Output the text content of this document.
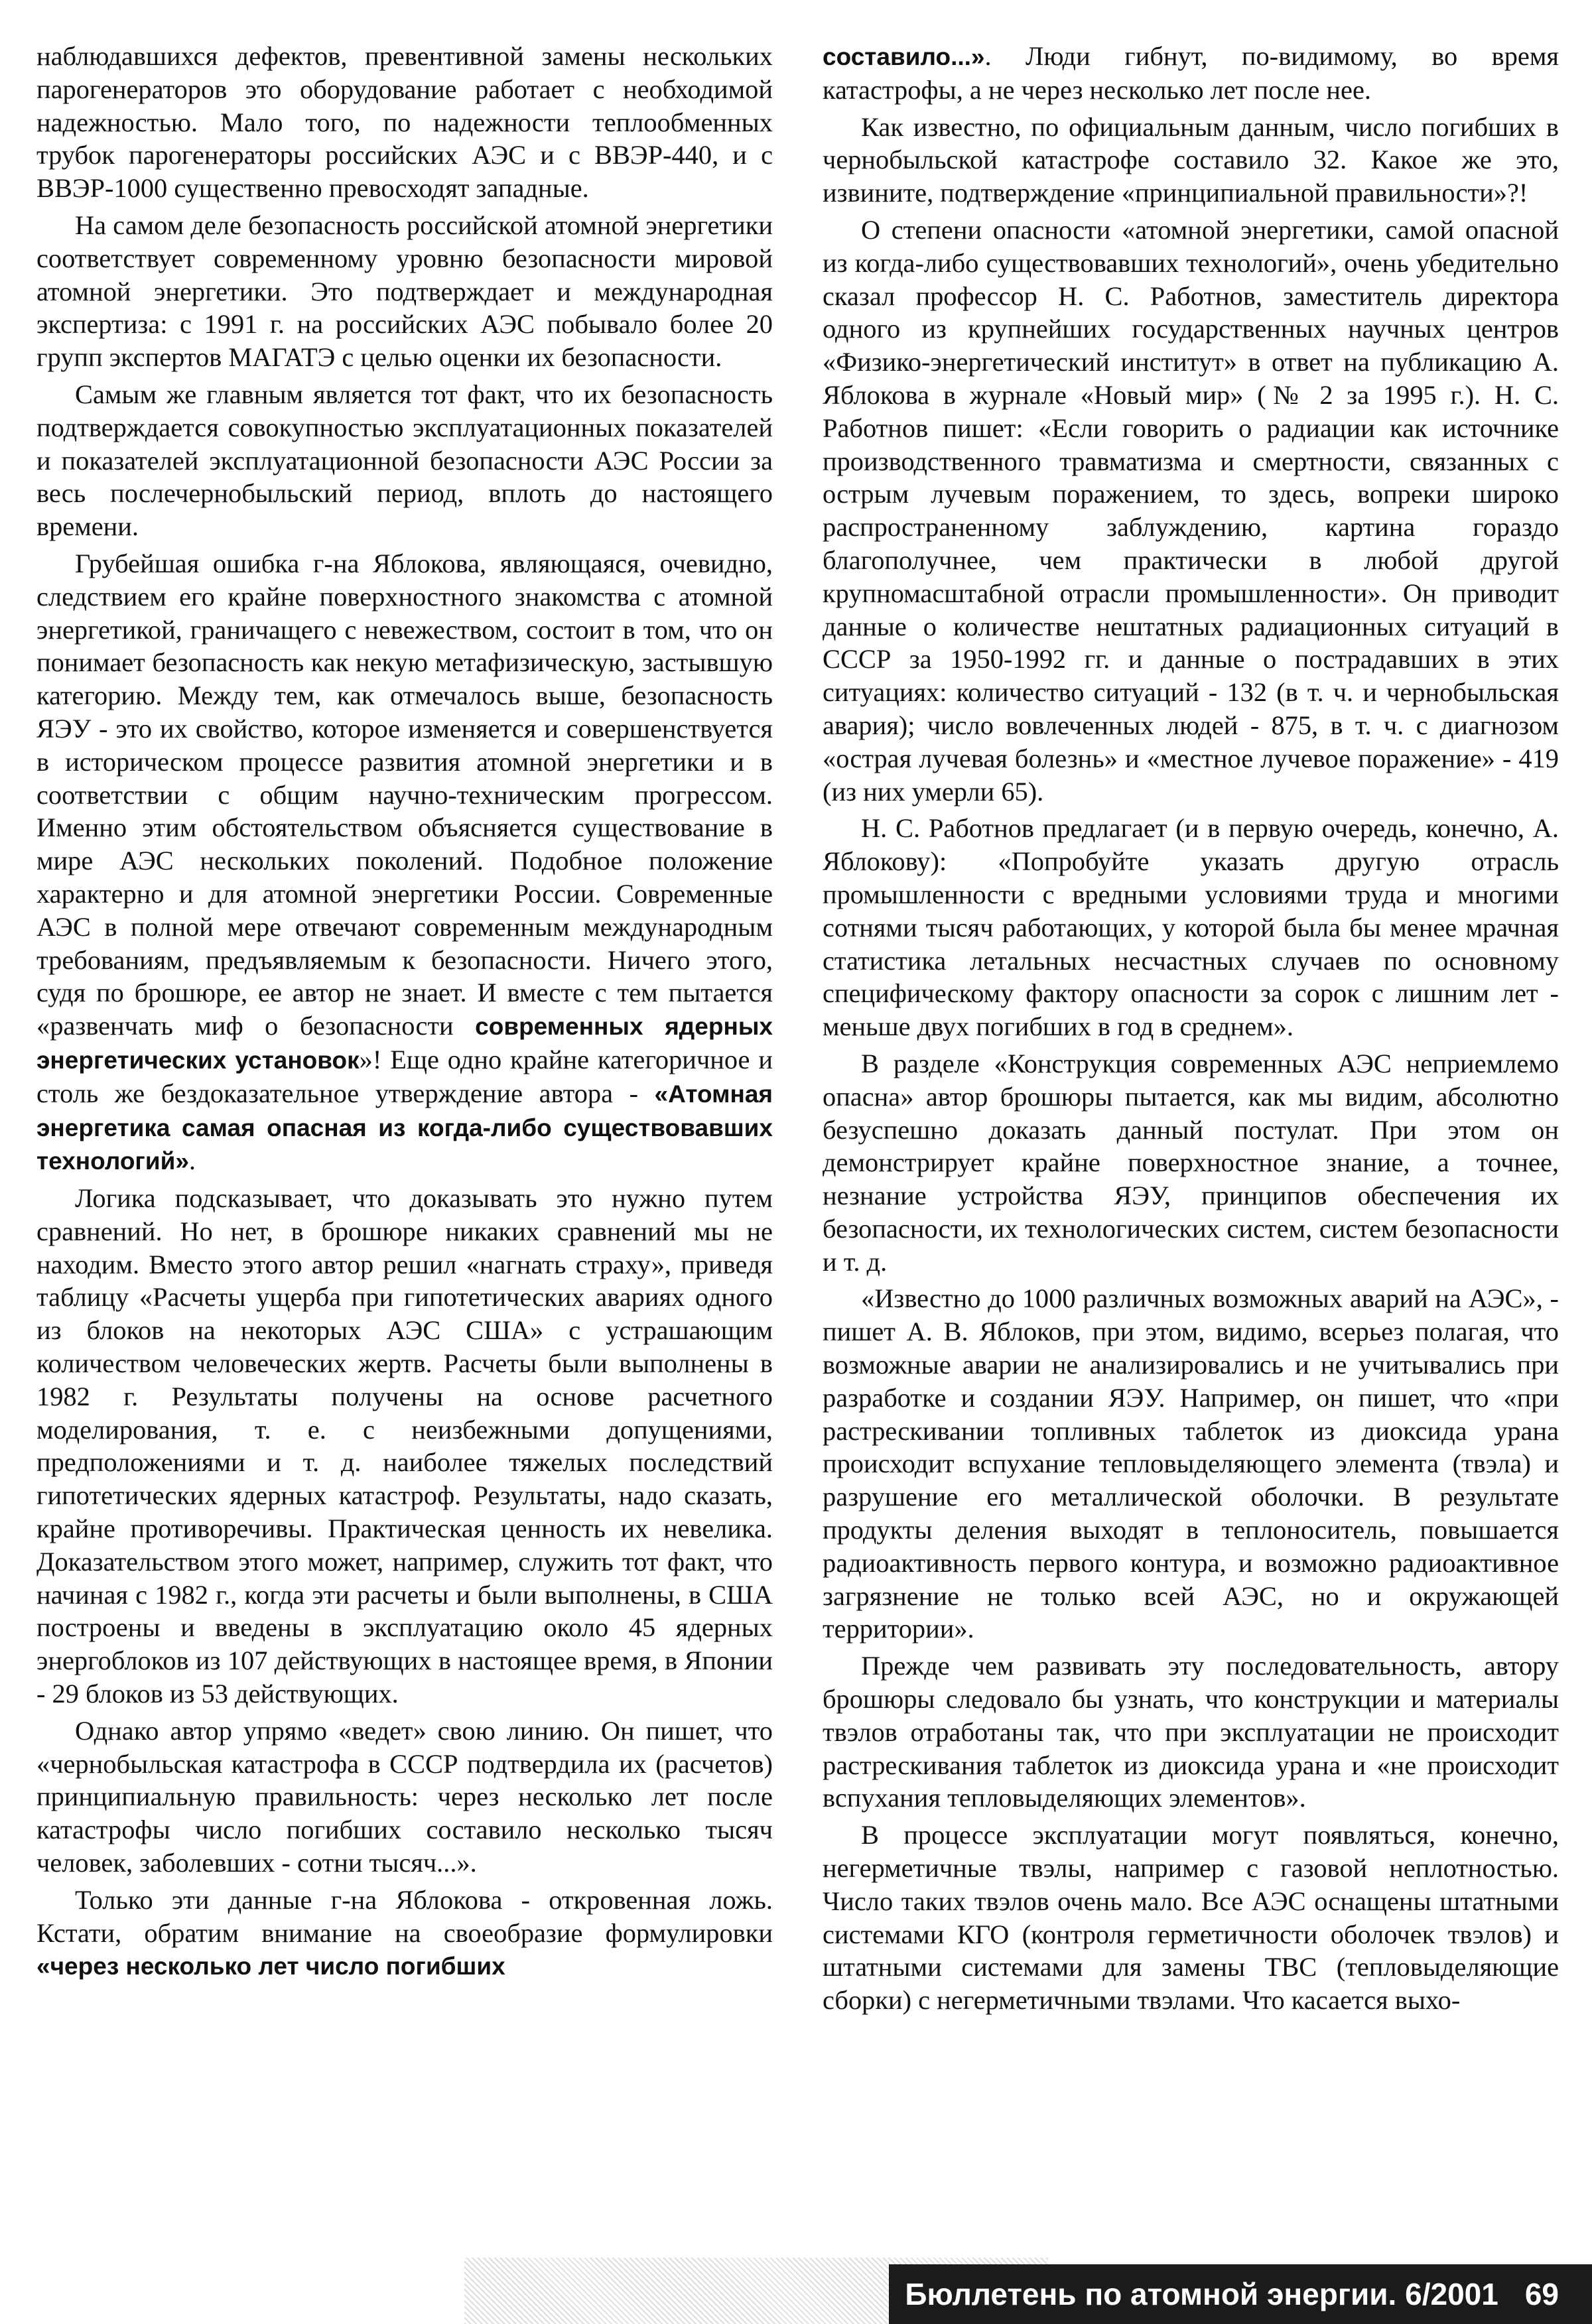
наблюдавшихся дефектов, превентивной замены нескольких парогенераторов это оборудование работает с необходимой надежностью. Мало того, по надежности теплообменных трубок парогенераторы российских АЭС и с ВВЭР-440, и с ВВЭР-1000 существенно превосходят западные.

На самом деле безопасность российской атомной энергетики соответствует современному уровню безопасности мировой атомной энергетики. Это подтверждает и международная экспертиза: с 1991 г. на российских АЭС побывало более 20 групп экспертов МАГАТЭ с целью оценки их безопасности.

Самым же главным является тот факт, что их безопасность подтверждается совокупностью эксплуатационных показателей и показателей эксплуатационной безопасности АЭС России за весь послечернобыльский период, вплоть до настоящего времени.

Грубейшая ошибка г-на Яблокова, являющаяся, очевидно, следствием его крайне поверхностного знакомства с атомной энергетикой, граничащего с невежеством, состоит в том, что он понимает безопасность как некую метафизическую, застывшую категорию. Между тем, как отмечалось выше, безопасность ЯЭУ - это их свойство, которое изменяется и совершенствуется в историческом процессе развития атомной энергетики и в соответствии с общим научно-техническим прогрессом. Именно этим обстоятельством объясняется существование в мире АЭС нескольких поколений. Подобное положение характерно и для атомной энергетики России. Современные АЭС в полной мере отвечают современным международным требованиям, предъявляемым к безопасности. Ничего этого, судя по брошюре, ее автор не знает. И вместе с тем пытается «развенчать миф о безопасности современных ядерных энергетических установок»! Еще одно крайне категоричное и столь же бездоказательное утверждение автора - «Атомная энергетика самая опасная из когда-либо существовавших технологий».

Логика подсказывает, что доказывать это нужно путем сравнений. Но нет, в брошюре никаких сравнений мы не находим. Вместо этого автор решил «нагнать страху», приведя таблицу «Расчеты ущерба при гипотетических авариях одного из блоков на некоторых АЭС США» с устрашающим количеством человеческих жертв. Расчеты были выполнены в 1982 г. Результаты получены на основе расчетного моделирования, т. е. с неизбежными допущениями, предположениями и т. д. наиболее тяжелых последствий гипотетических ядерных катастроф. Результаты, надо сказать, крайне противоречивы. Практическая ценность их невелика. Доказательством этого может, например, служить тот факт, что начиная с 1982 г., когда эти расчеты и были выполнены, в США построены и введены в эксплуатацию около 45 ядерных энергоблоков из 107 действующих в настоящее время, в Японии - 29 блоков из 53 действующих.

Однако автор упрямо «ведет» свою линию. Он пишет, что «чернобыльская катастрофа в СССР подтвердила их (расчетов) принципиальную правильность: через несколько лет после катастрофы число погибших составило несколько тысяч человек, заболевших - сотни тысяч...».

Только эти данные г-на Яблокова - откровенная ложь. Кстати, обратим внимание на своеобразие формулировки «через несколько лет число погибших

составило...». Люди гибнут, по-видимому, во время катастрофы, а не через несколько лет после нее.

Как известно, по официальным данным, число погибших в чернобыльской катастрофе составило 32. Какое же это, извините, подтверждение «принципиальной правильности»?!

О степени опасности «атомной энергетики, самой опасной из когда-либо существовавших технологий», очень убедительно сказал профессор Н. С. Работнов, заместитель директора одного из крупнейших государственных научных центров «Физико-энергетический институт» в ответ на публикацию А. Яблокова в журнале «Новый мир» (№ 2 за 1995 г.). Н. С. Работнов пишет: «Если говорить о радиации как источнике производственного травматизма и смертности, связанных с острым лучевым поражением, то здесь, вопреки широко распространенному заблуждению, картина гораздо благополучнее, чем практически в любой другой крупномасштабной отрасли промышленности». Он приводит данные о количестве нештатных радиационных ситуаций в СССР за 1950-1992 гг. и данные о пострадавших в этих ситуациях: количество ситуаций - 132 (в т. ч. и чернобыльская авария); число вовлеченных людей - 875, в т. ч. с диагнозом «острая лучевая болезнь» и «местное лучевое поражение» - 419 (из них умерли 65).

Н. С. Работнов предлагает (и в первую очередь, конечно, А. Яблокову): «Попробуйте указать другую отрасль промышленности с вредными условиями труда и многими сотнями тысяч работающих, у которой была бы менее мрачная статистика летальных несчастных случаев по основному специфическому фактору опасности за сорок с лишним лет - меньше двух погибших в год в среднем».

В разделе «Конструкция современных АЭС неприемлемо опасна» автор брошюры пытается, как мы видим, абсолютно безуспешно доказать данный постулат. При этом он демонстрирует крайне поверхностное знание, а точнее, незнание устройства ЯЭУ, принципов обеспечения их безопасности, их технологических систем, систем безопасности и т. д.

«Известно до 1000 различных возможных аварий на АЭС», - пишет А. В. Яблоков, при этом, видимо, всерьез полагая, что возможные аварии не анализировались и не учитывались при разработке и создании ЯЭУ. Например, он пишет, что «при растрескивании топливных таблеток из диоксида урана происходит вспухание тепловыделяющего элемента (твэла) и разрушение его металлической оболочки. В результате продукты деления выходят в теплоноситель, повышается радиоактивность первого контура, и возможно радиоактивное загрязнение не только всей АЭС, но и окружающей территории».

Прежде чем развивать эту последовательность, автору брошюры следовало бы узнать, что конструкции и материалы твэлов отработаны так, что при эксплуатации не происходит растрескивания таблеток из диоксида урана и «не происходит вспухания тепловыделяющих элементов».

В процессе эксплуатации могут появляться, конечно, негерметичные твэлы, например с газовой неплотностью. Число таких твэлов очень мало. Все АЭС оснащены штатными системами КГО (контроля герметичности оболочек твэлов) и штатными системами для замены ТВС (тепловыделяющие сборки) с негерметичными твэлами. Что касается выхо-

Бюллетень по атомной энергии. 6/2001 69
